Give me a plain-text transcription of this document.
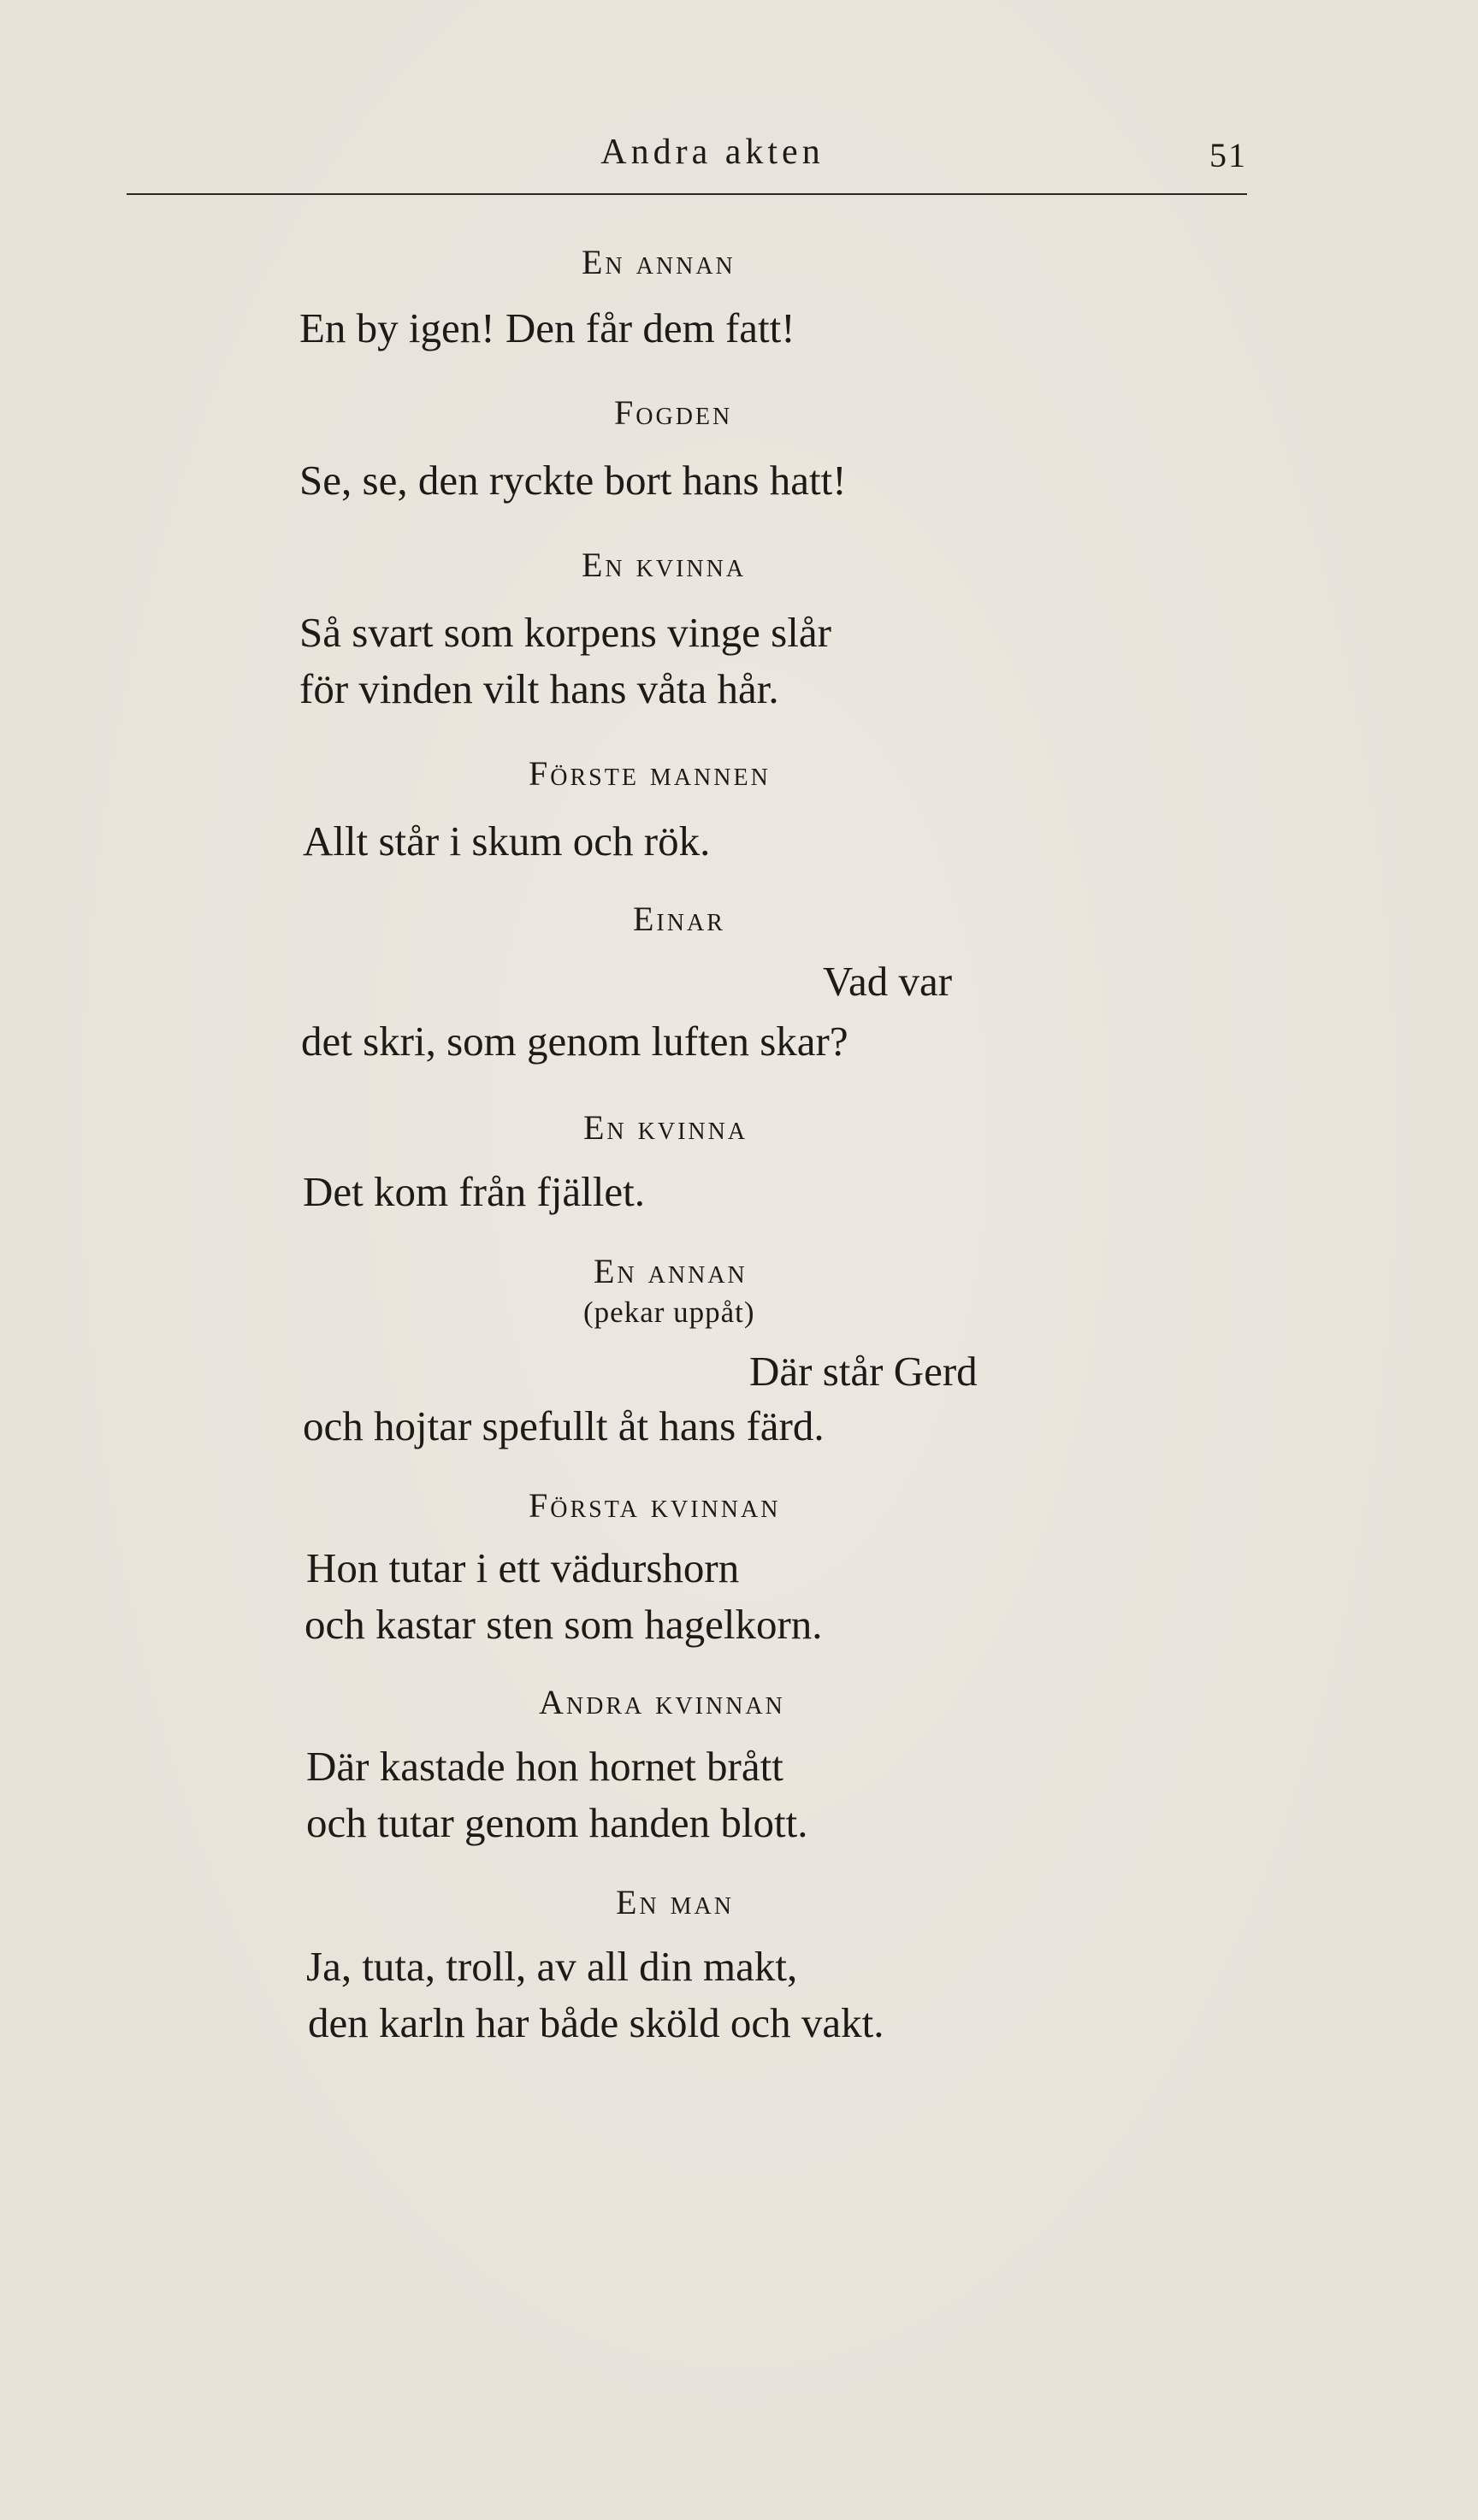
Andra akten	51
En annan
En by igen! Den får dem fatt!
Fogden
Se, se, den ryckte bort hans hatt!
En kvinna
Så svart som korpens vinge slår
för vinden vilt hans våta hår.
Förste mannen
Allt står i skum och rök.
Einar
Vad var
det skri, som genom luften skar?
En kvinna
Det kom från fjället.
En annan
(pekar uppåt)
Där står Gerd
och hojtar spefullt åt hans färd.
Första kvinnan
Hon tutar i ett vädurshorn
och kastar sten som hagelkorn.
Andra kvinnan
Där kastade hon hornet brått
och tutar genom handen blott.
En man
Ja, tuta, troll, av all din makt,
den karln har både sköld och vakt.
